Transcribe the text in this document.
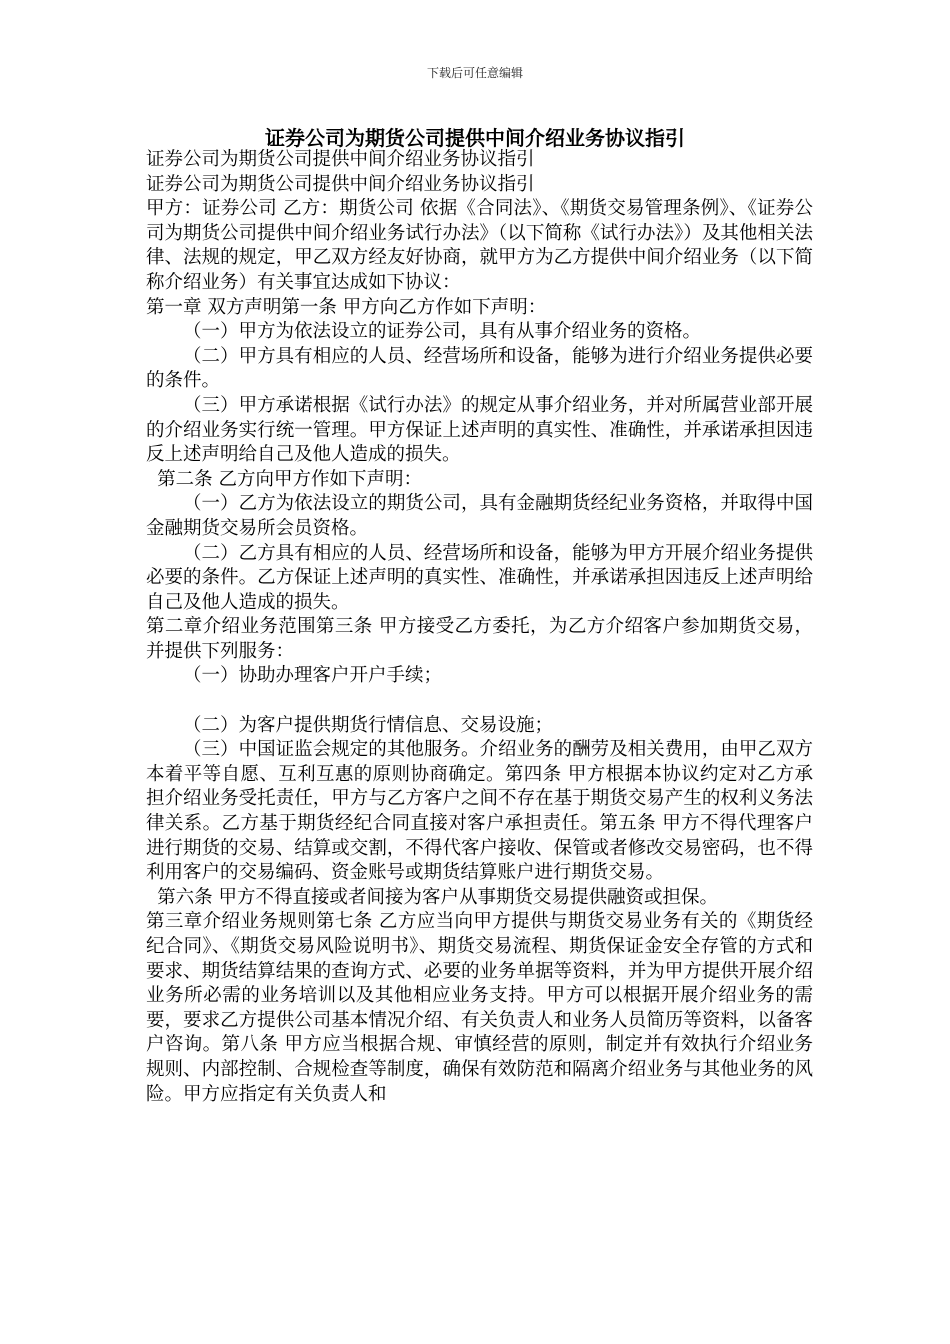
下载后可任意编辑
证券公司为期货公司提供中间介绍业务协议指引

证券公司为期货公司提供中间介绍业务协议指引

证券公司为期货公司提供中间介绍业务协议指引

甲方：证券公司 乙方：期货公司 依据《合同法》、《期货交易管理条例》、《证券公司为期货公司提供中间介绍业务试行办法》（以下简称《试行办法》）及其他相关法律、法规的规定，甲乙双方经友好协商，就甲方为乙方提供中间介绍业务（以下简称介绍业务）有关事宜达成如下协议：

第一章 双方声明第一条 甲方向乙方作如下声明：

（一）甲方为依法设立的证券公司，具有从事介绍业务的资格。

（二）甲方具有相应的人员、经营场所和设备，能够为进行介绍业务提供必要的条件。

（三）甲方承诺根据《试行办法》的规定从事介绍业务，并对所属营业部开展的介绍业务实行统一管理。甲方保证上述声明的真实性、准确性，并承诺承担因违反上述声明给自己及他人造成的损失。

第二条 乙方向甲方作如下声明：

（一）乙方为依法设立的期货公司，具有金融期货经纪业务资格，并取得中国金融期货交易所会员资格。

（二）乙方具有相应的人员、经营场所和设备，能够为甲方开展介绍业务提供必要的条件。乙方保证上述声明的真实性、准确性，并承诺承担因违反上述声明给自己及他人造成的损失。

第二章介绍业务范围第三条 甲方接受乙方委托，为乙方介绍客户参加期货交易，并提供下列服务：

（一）协助办理客户开户手续；

（二）为客户提供期货行情信息、交易设施；

（三）中国证监会规定的其他服务。介绍业务的酬劳及相关费用，由甲乙双方本着平等自愿、互利互惠的原则协商确定。第四条 甲方根据本协议约定对乙方承担介绍业务受托责任，甲方与乙方客户之间不存在基于期货交易产生的权利义务法律关系。乙方基于期货经纪合同直接对客户承担责任。第五条 甲方不得代理客户进行期货的交易、结算或交割，不得代客户接收、保管或者修改交易密码，也不得利用客户的交易编码、资金账号或期货结算账户进行期货交易。

第六条 甲方不得直接或者间接为客户从事期货交易提供融资或担保。

第三章介绍业务规则第七条 乙方应当向甲方提供与期货交易业务有关的《期货经纪合同》、《期货交易风险说明书》、期货交易流程、期货保证金安全存管的方式和要求、期货结算结果的查询方式、必要的业务单据等资料，并为甲方提供开展介绍业务所必需的业务培训以及其他相应业务支持。甲方可以根据开展介绍业务的需要，要求乙方提供公司基本情况介绍、有关负责人和业务人员简历等资料，以备客户咨询。第八条 甲方应当根据合规、审慎经营的原则，制定并有效执行介绍业务规则、内部控制、合规检查等制度，确保有效防范和隔离介绍业务与其他业务的风险。甲方应指定有关负责人和
